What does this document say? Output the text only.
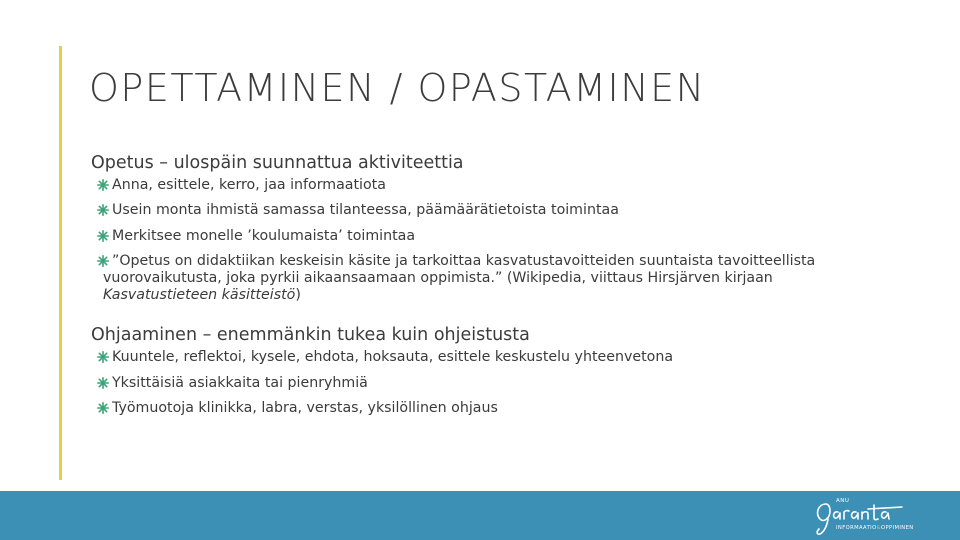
OPETTAMINEN / OPASTAMINEN

Opetus – ulospäin suunnattua aktiviteettia

Anna, esittele, kerro, jaa informaatiota
Usein monta ihmistä samassa tilanteessa, päämäärätietoista toimintaa
Merkitsee monelle ’koulumaista’ toimintaa
”Opetus on didaktiikan keskeisin käsite ja tarkoittaa kasvatustavoitteiden suuntaista tavoitteellista
vuorovaikutusta, joka pyrkii aikaansaamaan oppimista.” (Wikipedia, viittaus Hirsjärven kirjaan
Kasvatustieteen käsitteistö)

Ohjaaminen – enemmänkin tukea kuin ohjeistusta

Kuuntele, reflektoi, kysele, ehdota, hoksauta, esittele keskustelu yhteenvetona
Yksittäisiä asiakkaita tai pienryhmiä
Työmuotoja klinikka, labra, verstas, yksilöllinen ohjaus
ANU
INFORMAATIO&OPPIMINEN
